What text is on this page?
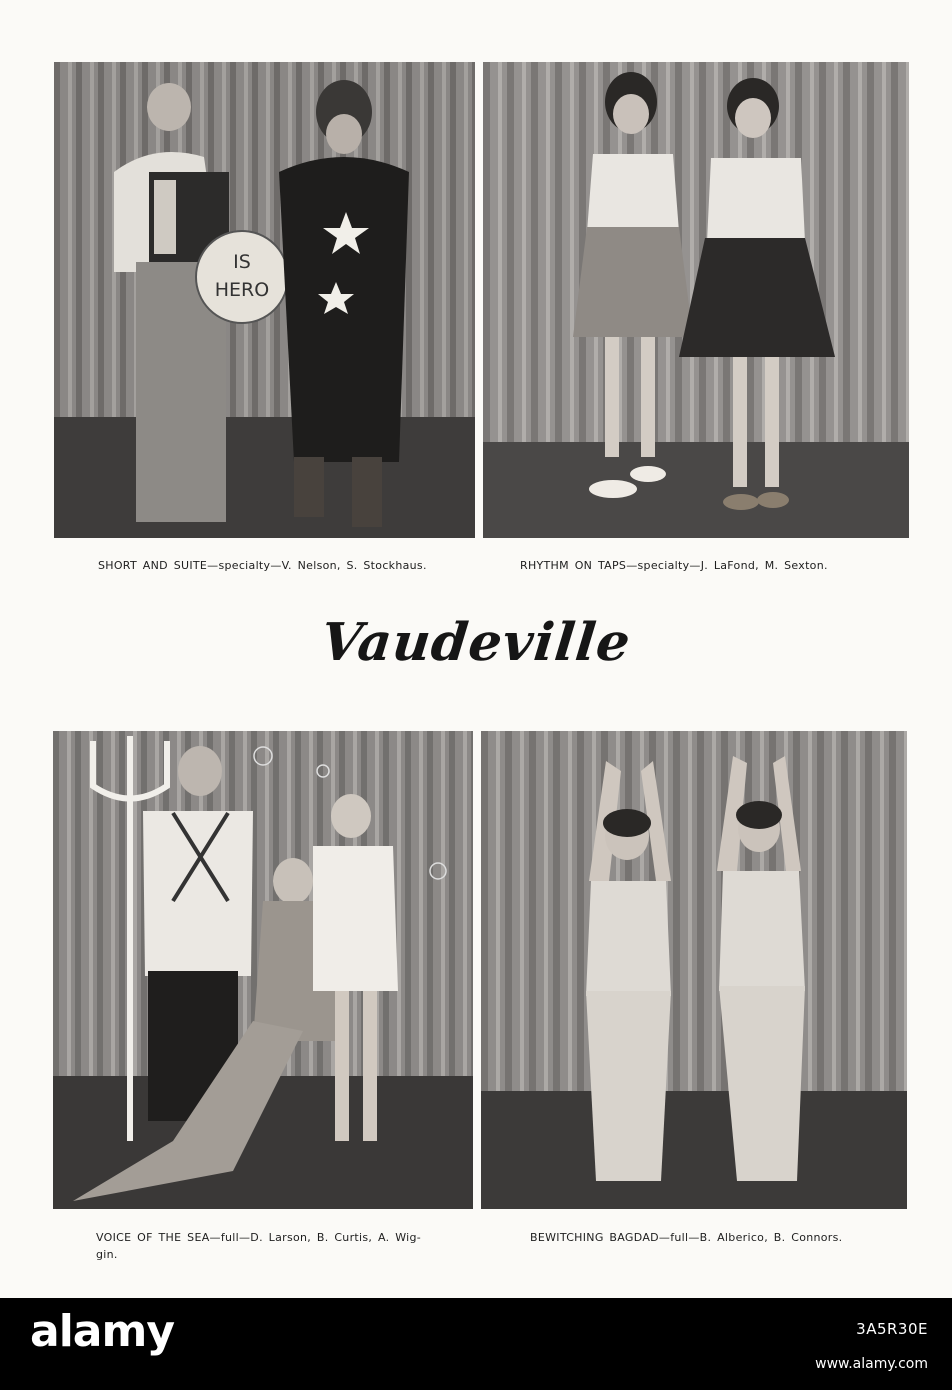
IS
HERO
SHORT AND SUITE—specialty—V. Nelson, S. Stockhaus.	RHYTHM ON TAPS—specialty—J. LaFond, M. Sexton.
Vaudeville
VOICE OF THE SEA—full—D. Larson, B. Curtis, A. Wig-gin.
BEWITCHING BAGDAD—full—B. Alberico, B. Connors.
alamy	3A5R30E
www.alamy.com
